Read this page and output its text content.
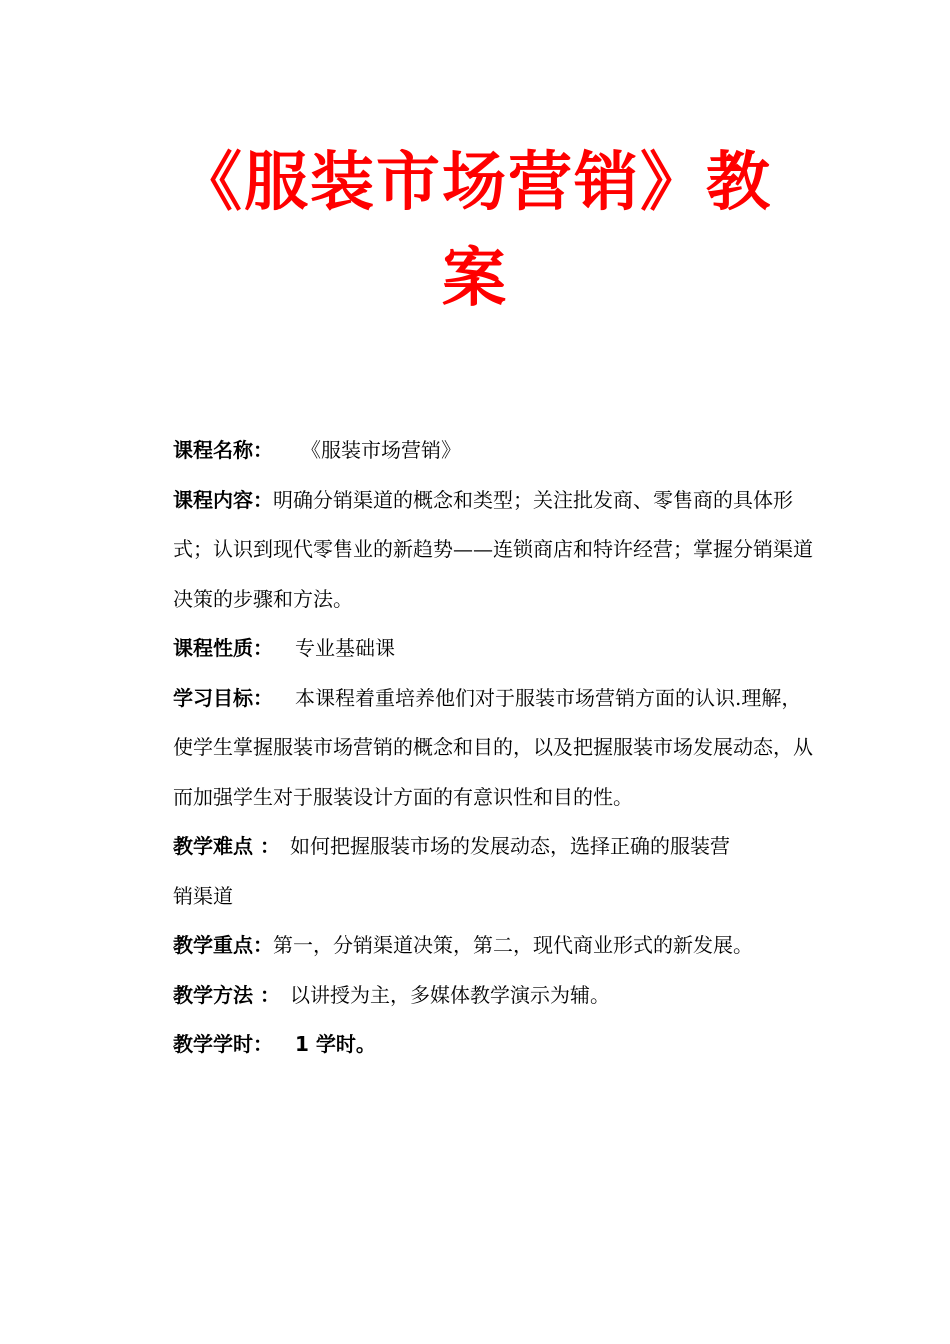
《服装市场营销》教
案

课程名称： 《服装市场营销》

课程内容：明确分销渠道的概念和类型；关注批发商、零售商的具体形式；认识到现代零售业的新趋势——连锁商店和特许经营；掌握分销渠道决策的步骤和方法。

课程性质： 专业基础课

学习目标： 本课程着重培养他们对于服装市场营销方面的认识.理解，使学生掌握服装市场营销的概念和目的，以及把握服装市场发展动态，从而加强学生对于服装设计方面的有意识性和目的性。

教学难点 ： 如何把握服装市场的发展动态，选择正确的服装营
销渠道

教学重点：第一，分销渠道决策，第二，现代商业形式的新发展。

教学方法 ： 以讲授为主，多媒体教学演示为辅。

教学学时： 1 学时。
